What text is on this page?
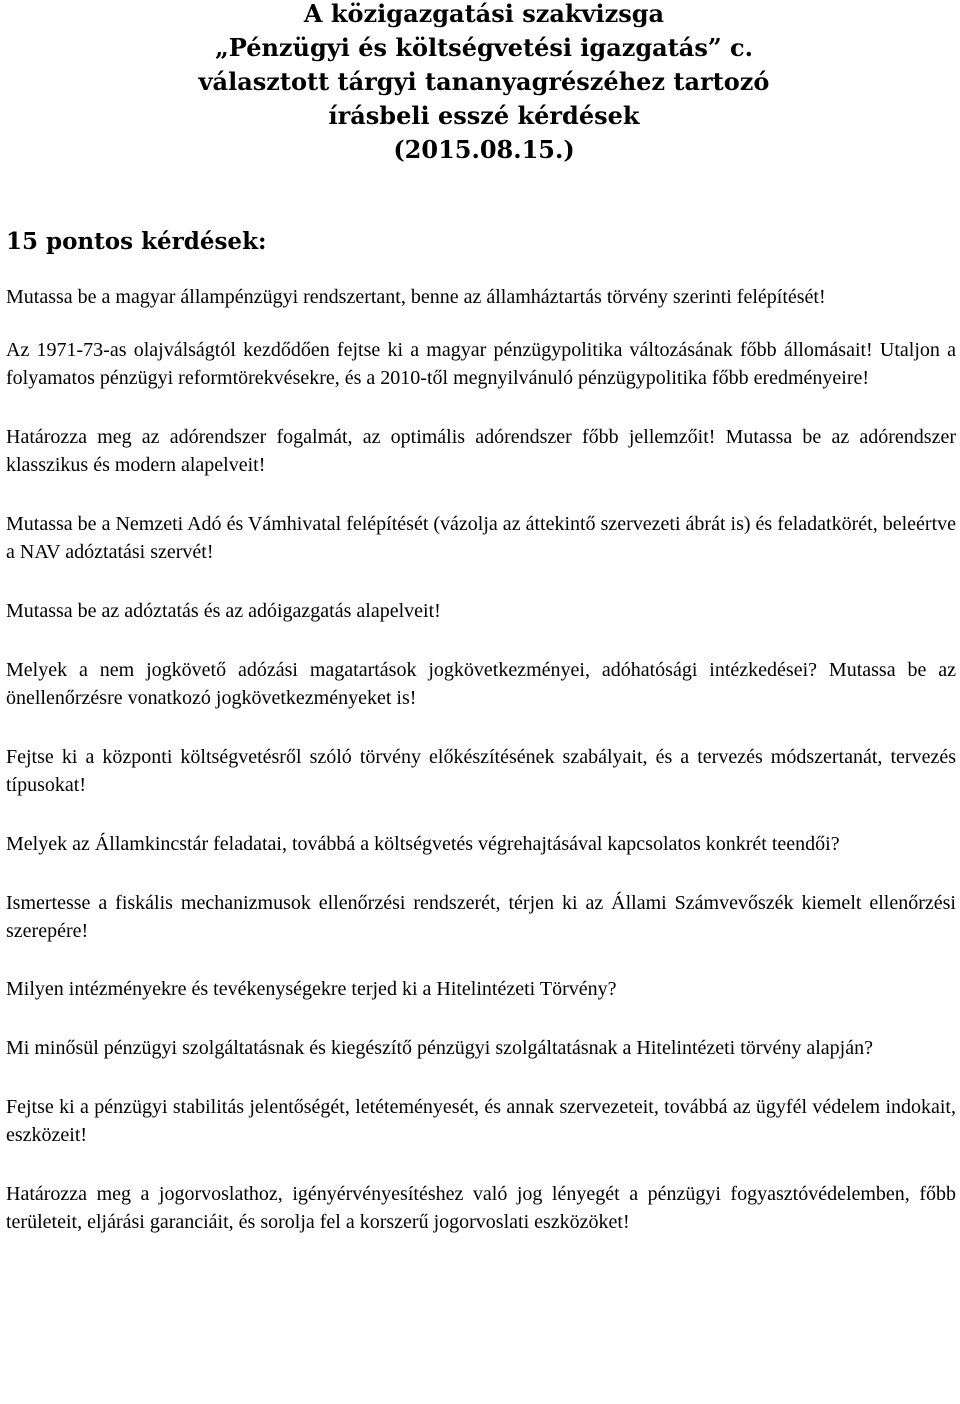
A közigazgatási szakvizsga
„Pénzügyi és költségvetési igazgatás” c.
választott tárgyi tananyagrészéhez tartozó
írásbeli esszé kérdések
(2015.08.15.)
15 pontos kérdések:

Mutassa be a magyar állampénzügyi rendszertant, benne az államháztartás törvény szerinti felépítését!

Az 1971-73-as olajválságtól kezdődően fejtse ki a magyar pénzügypolitika változásának főbb állomásait! Utaljon a folyamatos pénzügyi reformtörekvésekre, és a 2010-től megnyilvánuló pénzügypolitika főbb eredményeire!

Határozza meg az adórendszer fogalmát, az optimális adórendszer főbb jellemzőit! Mutassa be az adórendszer klasszikus és modern alapelveit!

Mutassa be a Nemzeti Adó és Vámhivatal felépítését (vázolja az áttekintő szervezeti ábrát is) és feladatkörét, beleértve a NAV adóztatási szervét!

Mutassa be az adóztatás és az adóigazgatás alapelveit!

Melyek a nem jogkövető adózási magatartások jogkövetkezményei, adóhatósági intézkedései? Mutassa be az önellenőrzésre vonatkozó jogkövetkezményeket is!

Fejtse ki a központi költségvetésről szóló törvény előkészítésének szabályait, és a tervezés módszertanát, tervezés típusokat!

Melyek az Államkincstár feladatai, továbbá a költségvetés végrehajtásával kapcsolatos konkrét teendői?

Ismertesse a fiskális mechanizmusok ellenőrzési rendszerét, térjen ki az Állami Számvevőszék kiemelt ellenőrzési szerepére!

Milyen intézményekre és tevékenységekre terjed ki a Hitelintézeti Törvény?

Mi minősül pénzügyi szolgáltatásnak és kiegészítő pénzügyi szolgáltatásnak a Hitelintézeti törvény alapján?

Fejtse ki a pénzügyi stabilitás jelentőségét, letéteményesét, és annak szervezeteit, továbbá az ügyfél védelem indokait, eszközeit!

Határozza meg a jogorvoslathoz, igényérvényesítéshez való jog lényegét a pénzügyi fogyasztóvédelemben, főbb területeit, eljárási garanciáit, és sorolja fel a korszerű jogorvoslati eszközöket!
